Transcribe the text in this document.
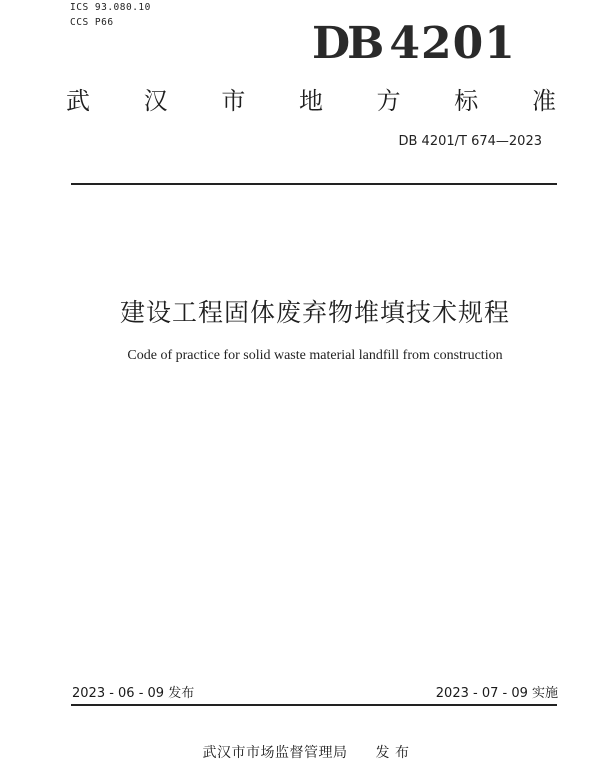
ICS 93.080.10
CCS P66	DB 4201
武 汉 市 地 方 标 准
DB 4201/T 674—2023
建设工程固体废弃物堆填技术规程
Code of practice for solid waste material landfill from construction
2023 - 06 - 09 发布	2023 - 07 - 09 实施
武汉市市场监督管理局 发 布
